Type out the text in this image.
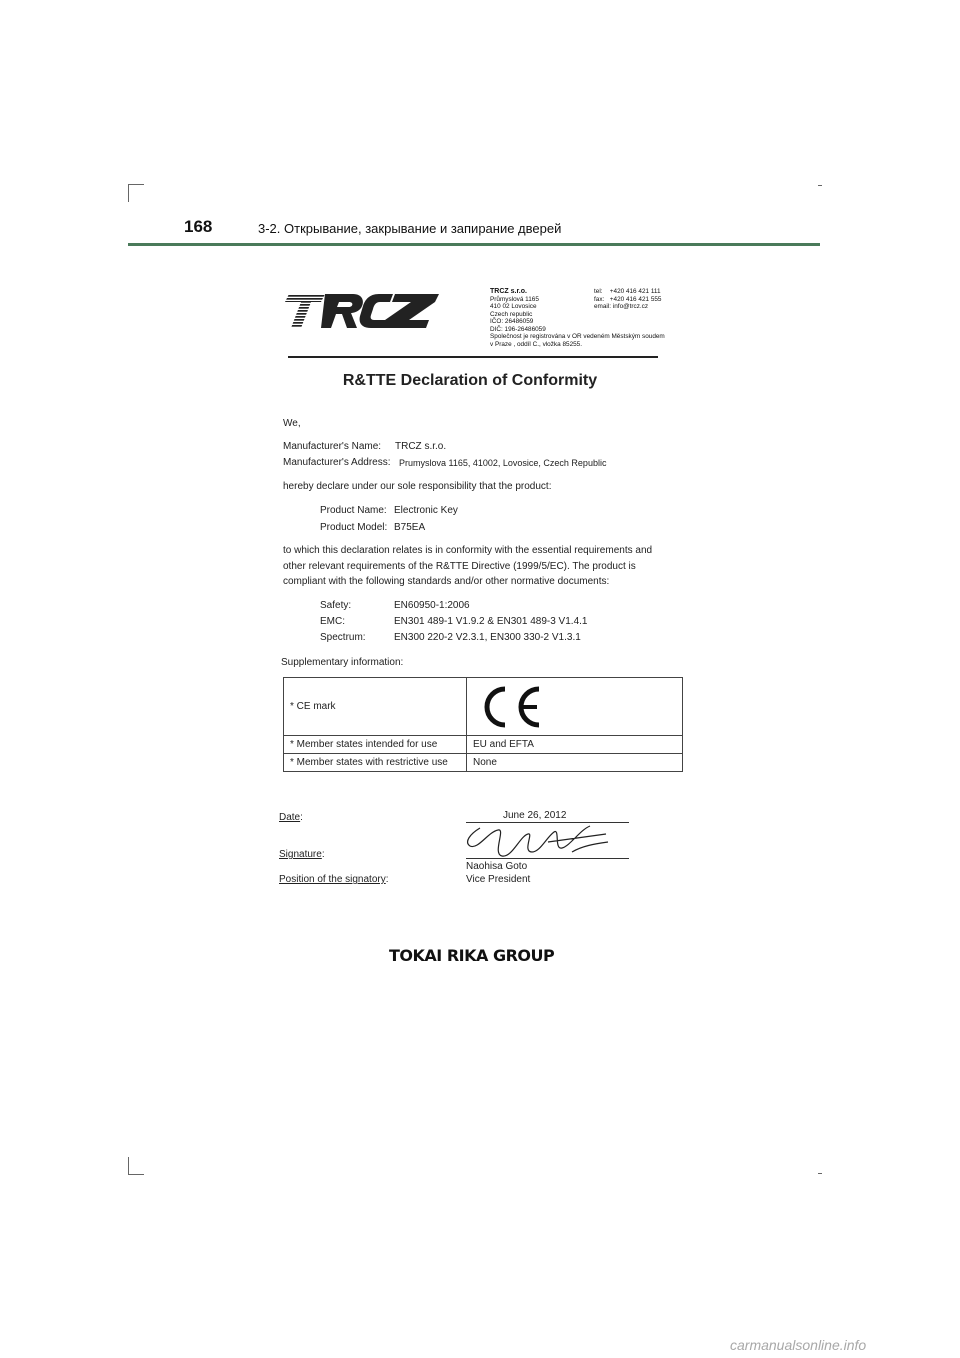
168	3-2. Открывание, закрывание и запирание дверей
TRCZ s.r.o.
Průmyslová 1165
410 02 Lovosice
Czech republic
IČO: 26486059
DIČ: 196-26486059
Společnost je registrována v OR vedeném Městským soudem
v Praze , oddíl C., vložka 85255.
tel: +420 416 421 111
fax: +420 416 421 555
email: info@trcz.cz
R&TTE Declaration of Conformity
We,
Manufacturer's Name: TRCZ s.r.o.
Manufacturer's Address: Prumyslova 1165, 41002, Lovosice, Czech Republic
hereby declare under our sole responsibility that the product:
Product Name: Electronic Key
Product Model: B75EA
to which this declaration relates is in conformity with the essential requirements and
other relevant requirements of the R&TTE Directive (1999/5/EC). The product is
compliant with the following standards and/or other normative documents:
Safety:	EN60950-1:2006
EMC:	EN301 489-1 V1.9.2 & EN301 489-3 V1.4.1
Spectrum:	EN300 220-2 V2.3.1, EN300 330-2 V1.3.1
Supplementary information:
* CE mark	

* Member states intended for use	EU and EFTA
* Member states with restrictive use	None
Date:	June 26, 2012
Signature:
Naohisa Goto
Position of the signatory:	Vice President
TOKAI RIKA GROUP
carmanualsonline.info
